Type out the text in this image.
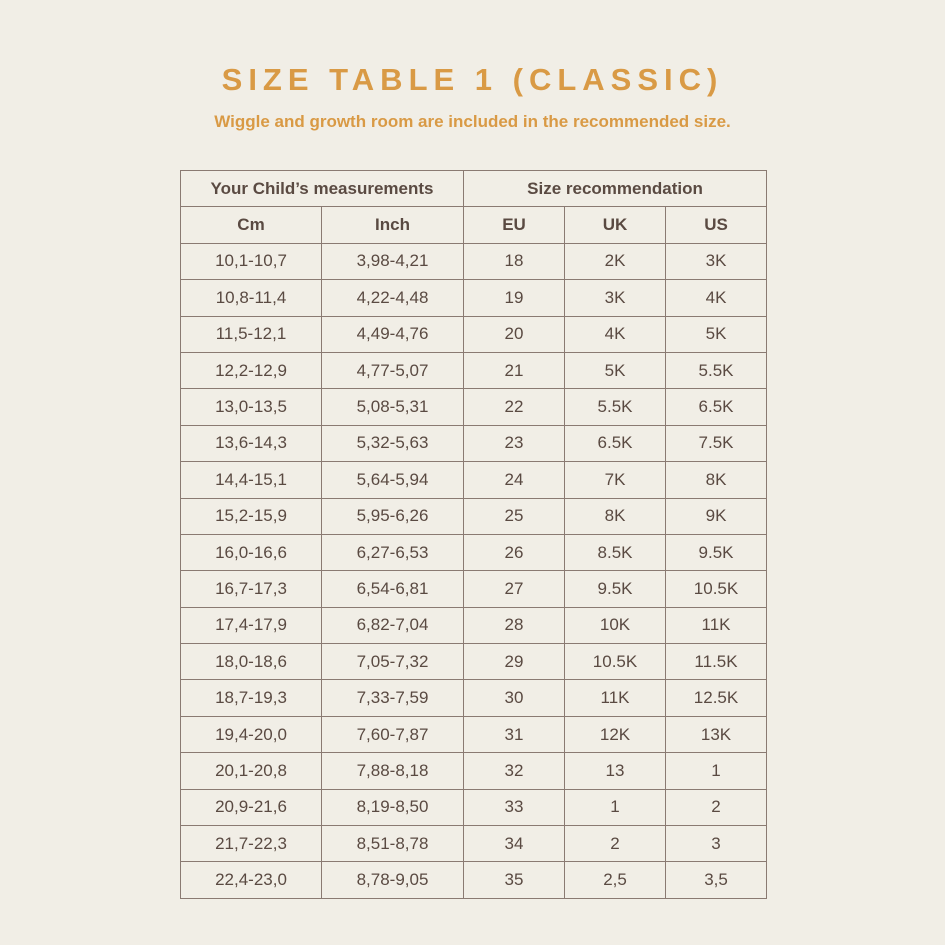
SIZE TABLE 1 (CLASSIC)
Wiggle and growth room are included in the recommended size.
Your Child’s measurements		Size recommendation		
Cm	Inch	EU	UK	US
10,1-10,7	3,98-4,21	18	2K	3K
10,8-11,4	4,22-4,48	19	3K	4K
11,5-12,1	4,49-4,76	20	4K	5K
12,2-12,9	4,77-5,07	21	5K	5.5K
13,0-13,5	5,08-5,31	22	5.5K	6.5K
13,6-14,3	5,32-5,63	23	6.5K	7.5K
14,4-15,1	5,64-5,94	24	7K	8K
15,2-15,9	5,95-6,26	25	8K	9K
16,0-16,6	6,27-6,53	26	8.5K	9.5K
16,7-17,3	6,54-6,81	27	9.5K	10.5K
17,4-17,9	6,82-7,04	28	10K	11K
18,0-18,6	7,05-7,32	29	10.5K	11.5K
18,7-19,3	7,33-7,59	30	11K	12.5K
19,4-20,0	7,60-7,87	31	12K	13K
20,1-20,8	7,88-8,18	32	13	1
20,9-21,6	8,19-8,50	33	1	2
21,7-22,3	8,51-8,78	34	2	3
22,4-23,0	8,78-9,05	35	2,5	3,5
